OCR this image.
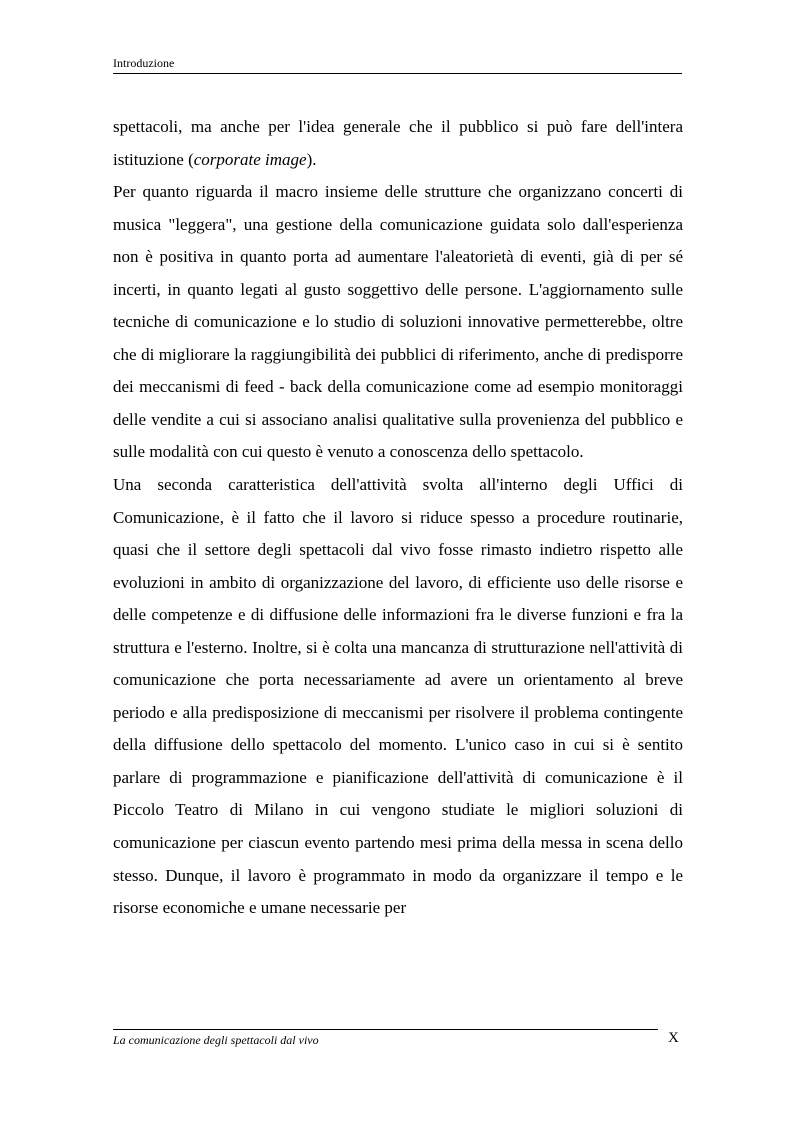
Introduzione

spettacoli, ma anche per l'idea generale che il pubblico si può fare dell'intera istituzione (corporate image).

Per quanto riguarda il macro insieme delle strutture che organizzano concerti di musica "leggera", una gestione della comunicazione guidata solo dall'esperienza non è positiva in quanto porta ad aumentare l'aleatorietà di eventi, già di per sé incerti, in quanto legati al gusto soggettivo delle persone. L'aggiornamento sulle tecniche di comunicazione e lo studio di soluzioni innovative permetterebbe, oltre che di migliorare la raggiungibilità dei pubblici di riferimento, anche di predisporre dei meccanismi di feed - back della comunicazione come ad esempio monitoraggi delle vendite a cui si associano analisi qualitative sulla provenienza del pubblico e sulle modalità con cui questo è venuto a conoscenza dello spettacolo.

Una seconda caratteristica dell'attività svolta all'interno degli Uffici di Comunicazione, è il fatto che il lavoro si riduce spesso a procedure routinarie, quasi che il settore degli spettacoli dal vivo fosse rimasto indietro rispetto alle evoluzioni in ambito di organizzazione del lavoro, di efficiente uso delle risorse e delle competenze e di diffusione delle informazioni fra le diverse funzioni e fra la struttura e l'esterno. Inoltre, si è colta una mancanza di strutturazione nell'attività di comunicazione che porta necessariamente ad avere un orientamento al breve periodo e alla predisposizione di meccanismi per risolvere il problema contingente della diffusione dello spettacolo del momento. L'unico caso in cui si è sentito parlare di programmazione e pianificazione dell'attività di comunicazione è il Piccolo Teatro di Milano in cui vengono studiate le migliori soluzioni di comunicazione per ciascun evento partendo mesi prima della messa in scena dello stesso. Dunque, il lavoro è programmato in modo da organizzare il tempo e le risorse economiche e umane necessarie per

La comunicazione degli spettacoli dal vivo	X
